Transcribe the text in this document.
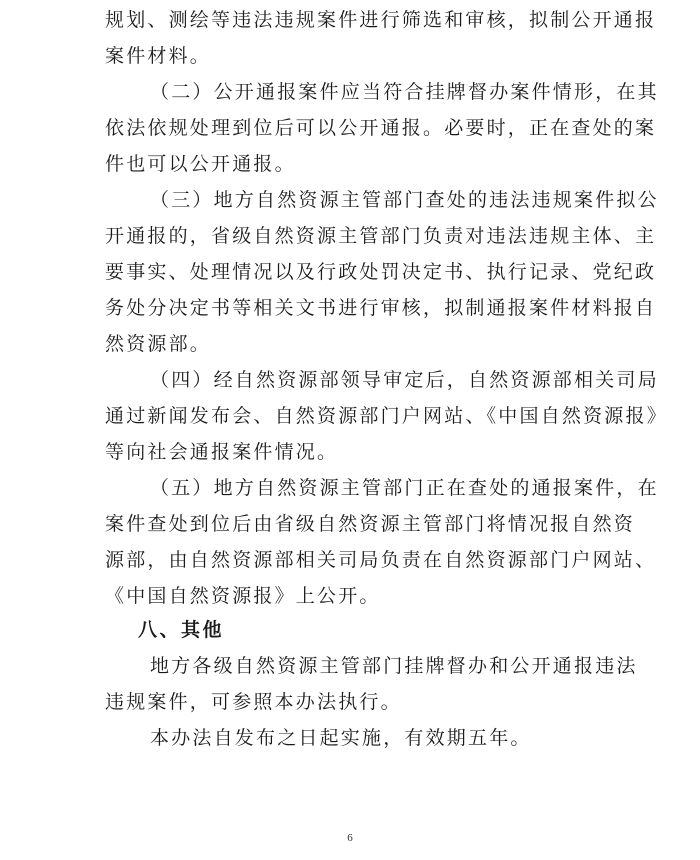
规划、测绘等违法违规案件进行筛选和审核，拟制公开通报
案件材料。
（二）公开通报案件应当符合挂牌督办案件情形，在其
依法依规处理到位后可以公开通报。必要时，正在查处的案
件也可以公开通报。
（三）地方自然资源主管部门查处的违法违规案件拟公
开通报的，省级自然资源主管部门负责对违法违规主体、主
要事实、处理情况以及行政处罚决定书、执行记录、党纪政
务处分决定书等相关文书进行审核，拟制通报案件材料报自
然资源部。
（四）经自然资源部领导审定后，自然资源部相关司局
通过新闻发布会、自然资源部门户网站、《中国自然资源报》
等向社会通报案件情况。
（五）地方自然资源主管部门正在查处的通报案件，在
案件查处到位后由省级自然资源主管部门将情况报自然资
源部，由自然资源部相关司局负责在自然资源部门户网站、
《中国自然资源报》上公开。
八、其他
地方各级自然资源主管部门挂牌督办和公开通报违法
违规案件，可参照本办法执行。
本办法自发布之日起实施，有效期五年。
6
